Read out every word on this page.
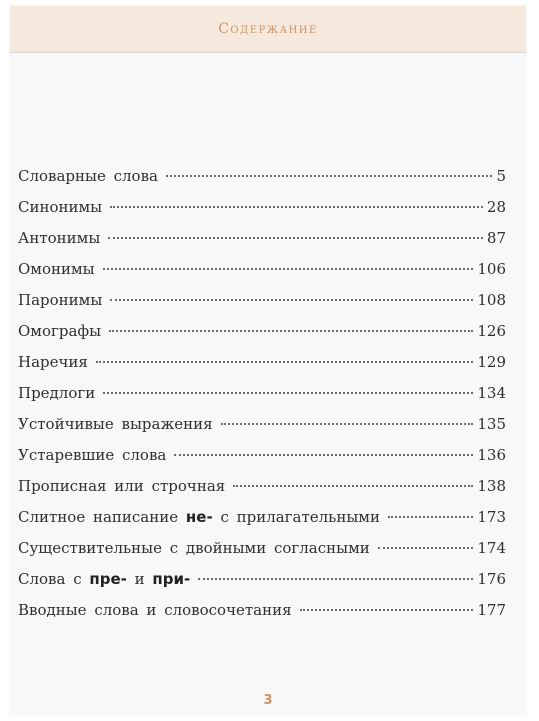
Содержание
Словарные слова	5
Синонимы	28
Антонимы	87
Омонимы	106
Паронимы	108
Омографы	126
Наречия	129
Предлоги	134
Устойчивые выражения	135
Устаревшие слова	136
Прописная или строчная	138
Слитное написание не- с прилагательными	173
Существительные с двойными согласными	174
Слова с пре- и при-	176
Вводные слова и словосочетания	177
3
